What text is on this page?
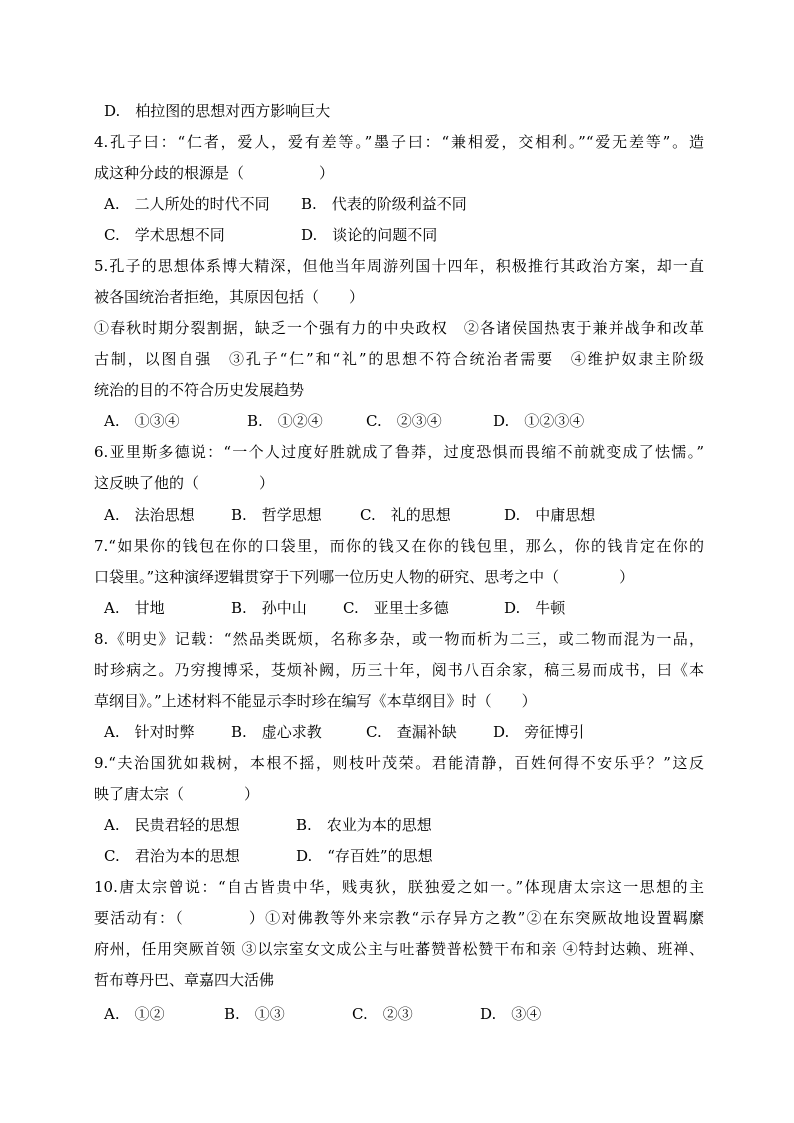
D.　柏拉图的思想对西方影响巨大
4.孔子曰：“仁者，爱人，爱有差等。”墨子曰：“兼相爱，交相利。”“爱无差等”。造
成这种分歧的根源是（　　　　　）
A.　二人所处的时代不同 B.　代表的阶级利益不同
C.　学术思想不同	D.　谈论的问题不同
5.孔子的思想体系博大精深，但他当年周游列国十四年，积极推行其政治方案，却一直
被各国统治者拒绝，其原因包括（　　）
①春秋时期分裂割据，缺乏一个强有力的中央政权　②各诸侯国热衷于兼并战争和改革
古制，以图自强　③孔子“仁”和“礼”的思想不符合统治者需要　④维护奴隶主阶级
统治的目的不符合历史发展趋势
A.　①③④	B.　①②④	C.　②③④	D.　①②③④
6.亚里斯多德说：“一个人过度好胜就成了鲁莽，过度恐惧而畏缩不前就变成了怯懦。”
这反映了他的（　　　　）
A.　法治思想 B.　哲学思想	C.　礼的思想	D.　中庸思想
7.“如果你的钱包在你的口袋里，而你的钱又在你的钱包里，那么，你的钱肯定在你的
口袋里。”这种演绎逻辑贯穿于下列哪一位历史人物的研究、思考之中（　　　　）
A.　甘地	B.　孙中山 C.　亚里士多德	D.　牛顿
8.《明史》记载：“然品类既烦，名称多杂，或一物而析为二三，或二物而混为一品，
时珍病之。乃穷搜博采，芟烦补阙，历三十年，阅书八百余家，稿三易而成书，曰《本
草纲目》。”上述材料不能显示李时珍在编写《本草纲目》时（　　）
A.　针对时弊 B.　虚心求教	C.　查漏补缺 D.　旁征博引
9.“夫治国犹如栽树，本根不摇，则枝叶茂荣。君能清静，百姓何得不安乐乎？”这反
映了唐太宗（　　　　）
A.　民贵君轻的思想	B.　农业为本的思想
C.　君治为本的思想	D.　“存百姓”的思想
10.唐太宗曾说：“自古皆贵中华，贱夷狄，朕独爱之如一。”体现唐太宗这一思想的主
要活动有：（　　　　）①对佛教等外来宗教“示存异方之教”②在东突厥故地设置羁縻
府州，任用突厥首领 ③以宗室女文成公主与吐蕃赞普松赞干布和亲 ④特封达赖、班禅、
哲布尊丹巴、章嘉四大活佛
A.　①②	B.　①③	C.　②③	D.　③④
